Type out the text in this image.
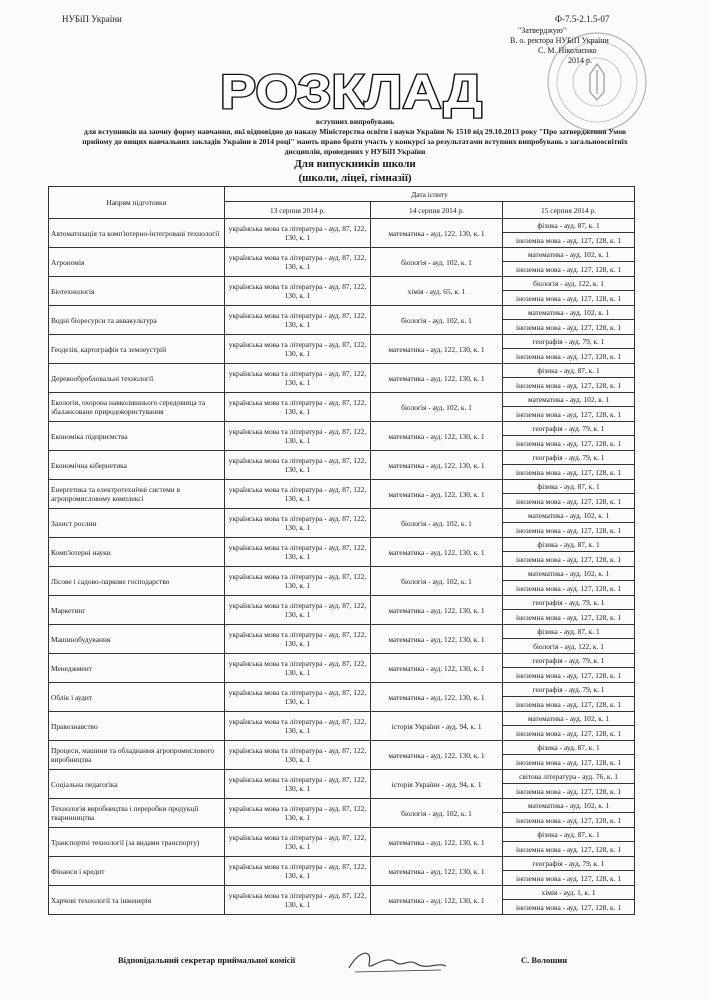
НУБіП України	Ф-7.5-2.1.5-07
"Затверджую"
В. о. ректора НУБіП України
С. М. Ніколаєнко
2014 р.
РОЗКЛАД
вступних випробувань
для вступників на заочну форму навчання, які відповідно до наказу Міністерства освіти і науки України № 1510 від 29.10.2013 року "Про затвердження Умов
прийому до вищих навчальних закладів України в 2014 році" мають право брати участь у конкурсі за результатами вступних випробувань з загальноосвітніх
дисциплін, проведених у НУБіП України
Для випускників школи
(школи, ліцеї, гімназії)
Напрям підготовки	Дата іспиту		
	13 серпня 2014 р.	14 серпня 2014 р.	15 серпня 2014 р.
Автоматизація та комп'ютерно-інтегровані технології	українська мова та література - ауд. 87, 122, 130, к. 1	математика - ауд. 122, 130, к. 1	фізика - ауд. 87, к. 1
			іноземна мова - ауд. 127, 128, к. 1
Агрономія	українська мова та література - ауд. 87, 122, 130, к. 1	біологія - ауд. 102, к. 1	математика - ауд. 102, к. 1
			іноземна мова - ауд. 127, 128, к. 1
Біотехнологія	українська мова та література - ауд. 87, 122, 130, к. 1	хімія - ауд. 65, к. 1	біологія - ауд. 122, к. 1
			іноземна мова - ауд. 127, 128, к. 1
Водні біоресурси та аквакультура	українська мова та література - ауд. 87, 122, 130, к. 1	біологія - ауд. 102, к. 1	математика - ауд. 102, к. 1
			іноземна мова - ауд. 127, 128, к. 1
Геодезія, картографія та землеустрій	українська мова та література - ауд. 87, 122, 130, к. 1	математика - ауд. 122, 130, к. 1	географія - ауд. 79, к. 1
			іноземна мова - ауд. 127, 128, к. 1
Деревообробловальні технології	українська мова та література - ауд. 87, 122, 130, к. 1	математика - ауд. 122, 130, к. 1	фізика - ауд. 87, к. 1
			іноземна мова - ауд. 127, 128, к. 1
Екологія, охорона навколишнього середовища та збалансоване природокористування	українська мова та література - ауд. 87, 122, 130, к. 1	біологія - ауд. 102, к. 1	математика - ауд. 102, к. 1
			іноземна мова - ауд. 127, 128, к. 1
Економіка підприємства	українська мова та література - ауд. 87, 122, 130, к. 1	математика - ауд. 122, 130, к. 1	географія - ауд. 79, к. 1
			іноземна мова - ауд. 127, 128, к. 1
Економічна кібернетика	українська мова та література - ауд. 87, 122, 130, к. 1	математика - ауд. 122, 130, к. 1	географія - ауд. 79, к. 1
			іноземна мова - ауд. 127, 128, к. 1
Енергетика та електротехнічні системи в агропромисловому комплексі	українська мова та література - ауд. 87, 122, 130, к. 1	математика - ауд. 122, 130, к. 1	фізика - ауд. 87, к. 1
			іноземна мова - ауд. 127, 128, к. 1
Захист рослин	українська мова та література - ауд. 87, 122, 130, к. 1	біологія - ауд. 102, к. 1	математика - ауд. 102, к. 1
			іноземна мова - ауд. 127, 128, к. 1
Комп'ютерні науки	українська мова та література - ауд. 87, 122, 130, к. 1	математика - ауд. 122, 130, к. 1	фізика - ауд. 87, к. 1
			іноземна мова - ауд. 127, 128, к. 1
Лісове і садово-паркове господарство	українська мова та література - ауд. 87, 122, 130, к. 1	біологія - ауд. 102, к. 1	математика - ауд. 102, к. 1
			іноземна мова - ауд. 127, 128, к. 1
Маркетинг	українська мова та література - ауд. 87, 122, 130, к. 1	математика - ауд. 122, 130, к. 1	географія - ауд. 79, к. 1
			іноземна мова - ауд. 127, 128, к. 1
Машинобудування	українська мова та література - ауд. 87, 122, 130, к. 1	математика - ауд. 122, 130, к. 1	фізика - ауд. 87, к. 1
			біологія - ауд. 122, к. 1
Менеджмент	українська мова та література - ауд. 87, 122, 130, к. 1	математика - ауд. 122, 130, к. 1	географія - ауд. 79, к. 1
			іноземна мова - ауд. 127, 128, к. 1
Облік і аудит	українська мова та література - ауд. 87, 122, 130, к. 1	математика - ауд. 122, 130, к. 1	географія - ауд. 79, к. 1
			іноземна мова - ауд. 127, 128, к. 1
Правознавство	українська мова та література - ауд. 87, 122, 130, к. 1	історія України - ауд. 94, к. 1	математика - ауд. 102, к. 1
			іноземна мова - ауд. 127, 128, к. 1
Процеси, машини та обладнання агропромислового виробництва	українська мова та література - ауд. 87, 122, 130, к. 1	математика - ауд. 122, 130, к. 1	фізика - ауд. 87, к. 1
			іноземна мова - ауд. 127, 128, к. 1
Соціальна педагогіка	українська мова та література - ауд. 87, 122, 130, к. 1	історія України - ауд. 94, к. 1	світова література - ауд. 76, к. 1
			іноземна мова - ауд. 127, 128, к. 1
Технологія виробництва і переробки продукції тваринництва	українська мова та література - ауд. 87, 122, 130, к. 1	біологія - ауд. 102, к. 1	математика - ауд. 102, к. 1
			іноземна мова - ауд. 127, 128, к. 1
Транспортні технології (за видами транспорту)	українська мова та література - ауд. 87, 122, 130, к. 1	математика - ауд. 122, 130, к. 1	фізика - ауд. 87, к. 1
			іноземна мова - ауд. 127, 128, к. 1
Фінанси і кредит	українська мова та література - ауд. 87, 122, 130, к. 1	математика - ауд. 122, 130, к. 1	географія - ауд. 79, к. 1
			іноземна мова - ауд. 127, 128, к. 1
Харчові технології та інженерія	українська мова та література - ауд. 87, 122, 130, к. 1	математика - ауд. 122, 130, к. 1	хімія - ауд. 1, к. 1
			іноземна мова - ауд. 127, 128, к. 1
Відповідальний секретар приймальної комісії	С. Волошин
